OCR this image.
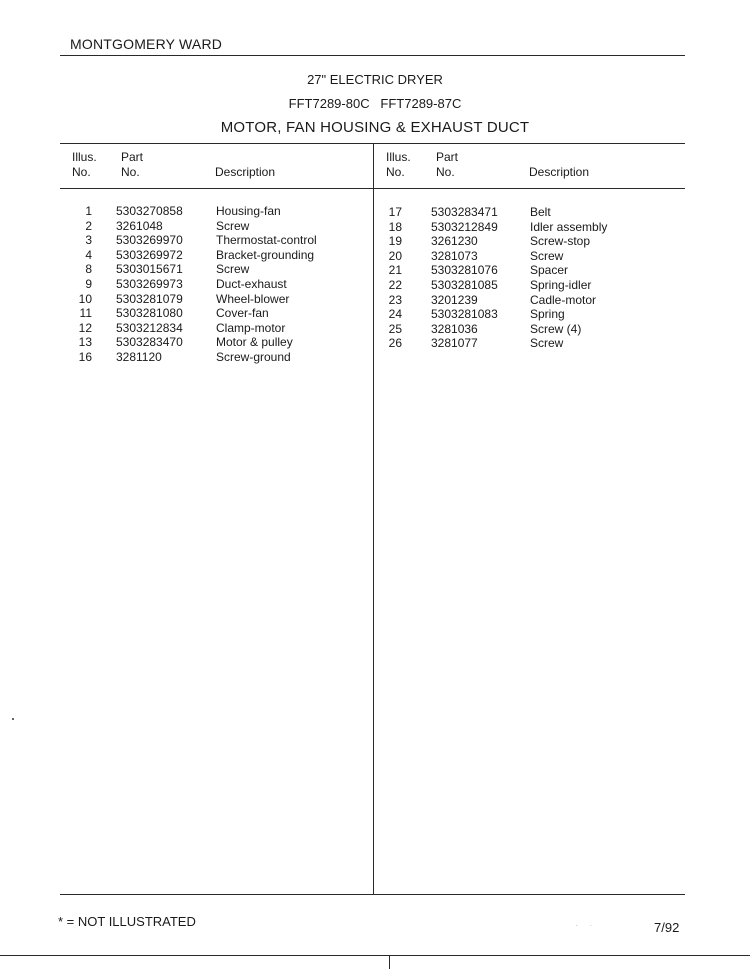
MONTGOMERY WARD
27" ELECTRIC DRYER
FFT7289-80C   FFT7289-87C
MOTOR, FAN HOUSING & EXHAUST DUCT
Illus.
No.
Part
No.	Description
Illus.
No.
Part
No.	Description
1 5303270858	Housing-fan
2 3261048	Screw
3 5303269970	Thermostat-control
4 5303269972	Bracket-grounding
8 5303015671	Screw
9 5303269973	Duct-exhaust
10 5303281079	Wheel-blower
11 5303281080	Cover-fan
12 5303212834	Clamp-motor
13 5303283470	Motor & pulley
16 3281120	Screw-ground
17 5303283471	Belt
18 5303212849	Idler assembly
19 3261230	Screw-stop
20 3281073	Screw
21 5303281076	Spacer
22 5303281085	Spring-idler
23 3201239	Cadle-motor
24 5303281083	Spring
25 3281036	Screw (4)
26 3281077	Screw
* = NOT ILLUSTRATED	· ·	7/92
